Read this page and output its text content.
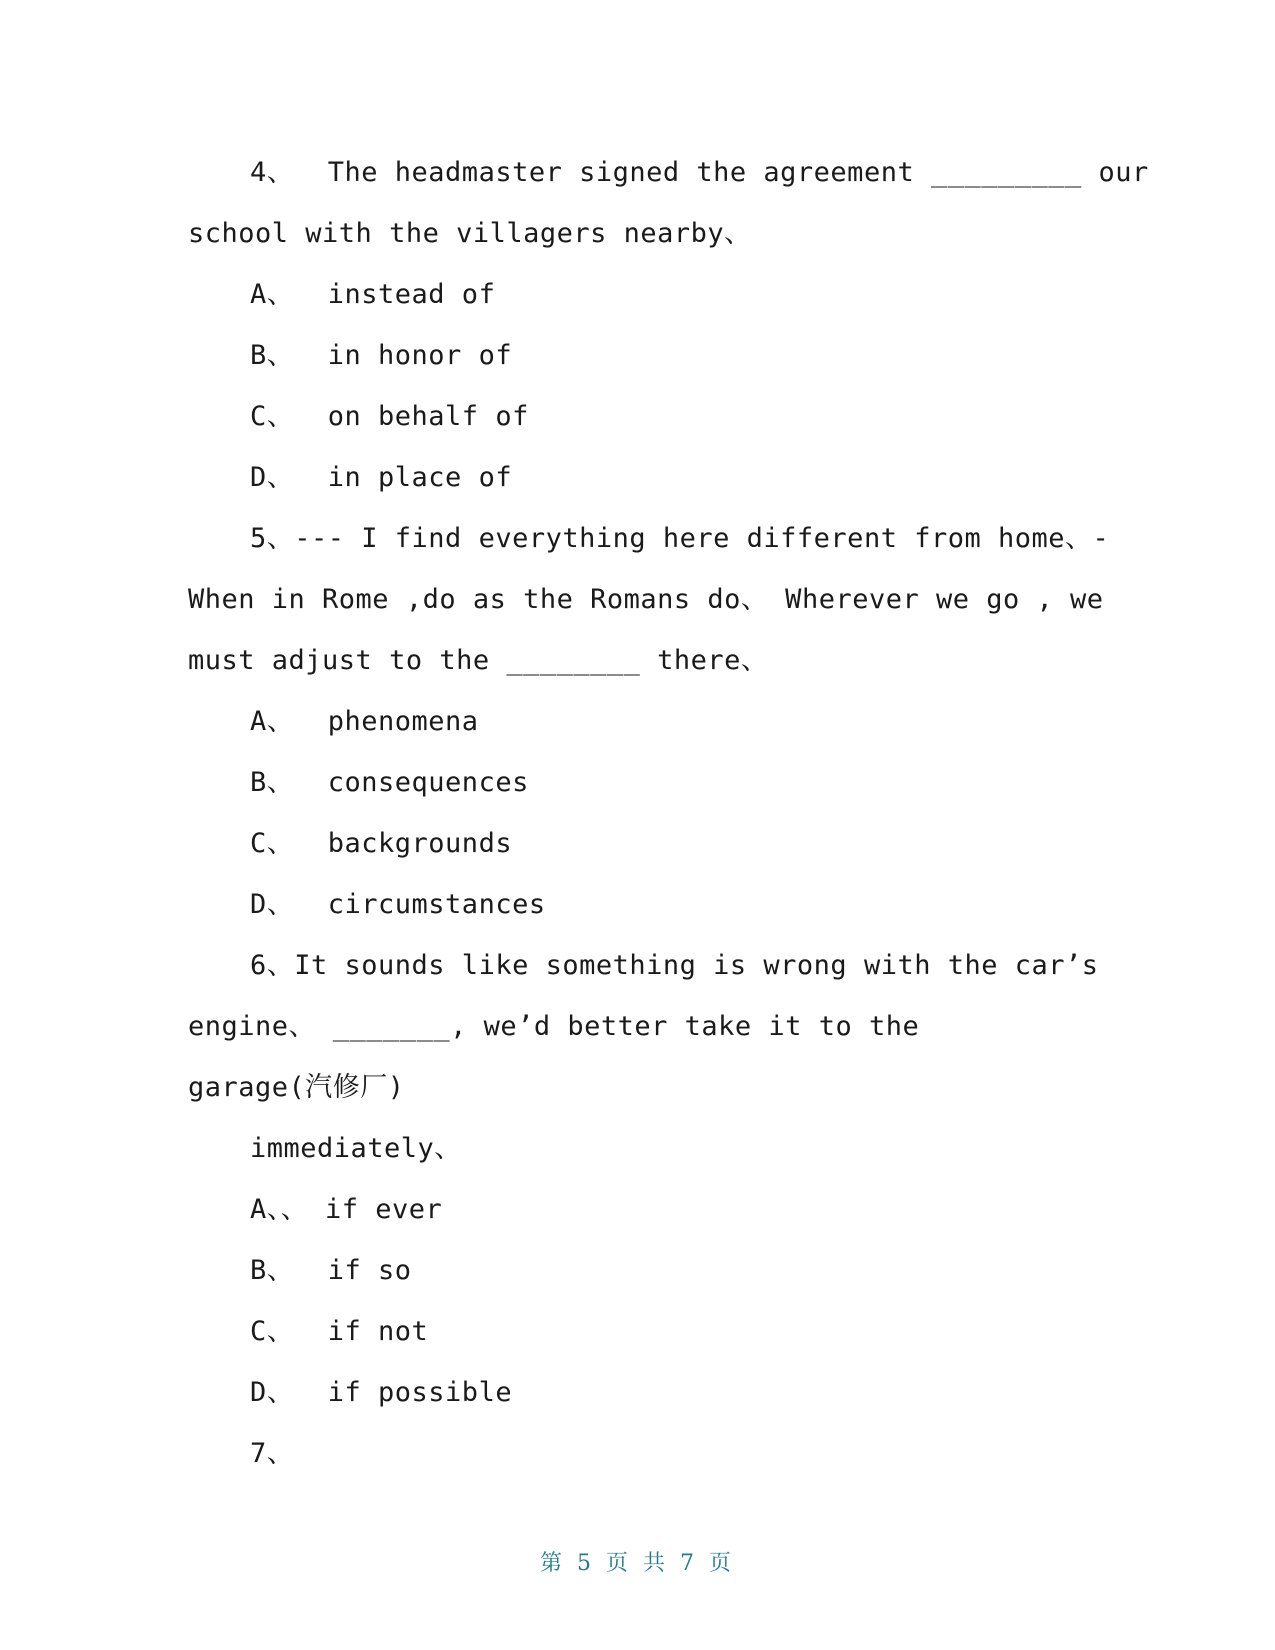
4、  The headmaster signed the agreement _________ our
school with the villagers nearby、
A、  instead of
B、  in honor of
C、  on behalf of
D、  in place of
5、--- I find everything here different from home、-
When in Rome ,do as the Romans do、 Wherever we go , we
must adjust to the ________ there、
A、  phenomena
B、  consequences
C、  backgrounds
D、  circumstances
6、It sounds like something is wrong with the car’s
engine、 _______, we’d better take it to the
garage(汽修厂)
immediately、
A、、 if ever
B、  if so
C、  if not
D、  if possible
7、
第 5 页 共 7 页
